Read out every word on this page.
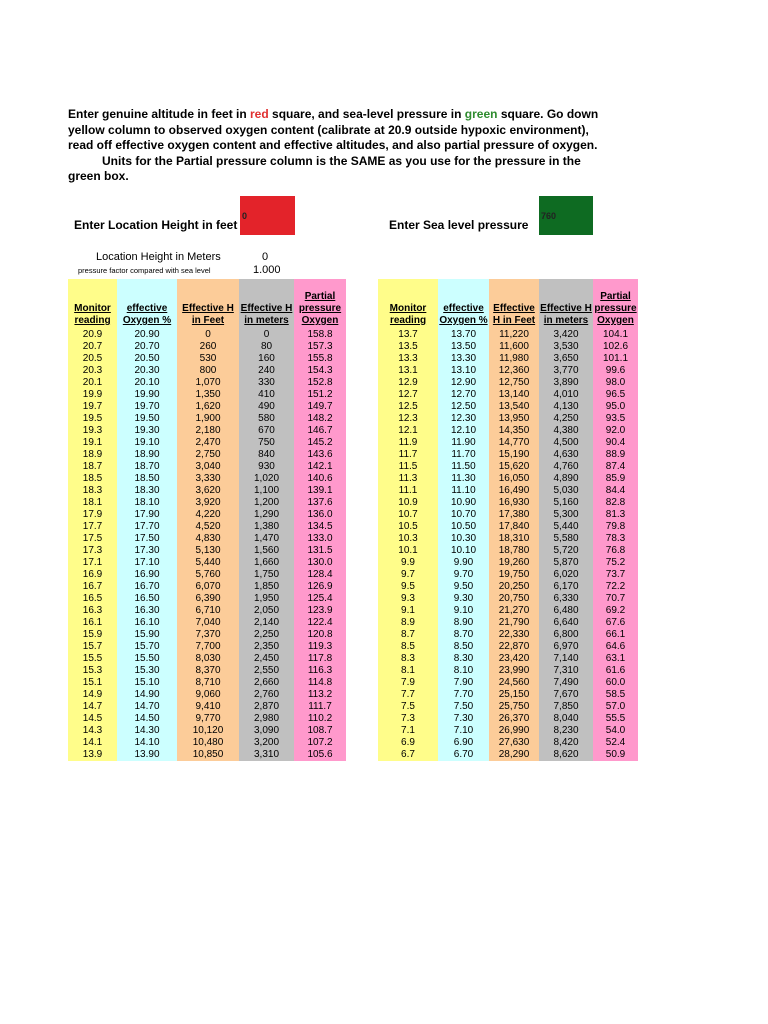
Enter genuine altitude in feet in red square, and sea-level pressure in green square. Go down
yellow column to observed oxygen content (calibrate at 20.9 outside hypoxic environment),
read off effective oxygen content and effective altitudes, and also partial pressure of oxygen.
Units for the Partial pressure column is the SAME as you use for the pressure in the
green box.
Enter Location Height in feet
0
Enter Sea level pressure
760
Location Height in Meters	0
pressure factor compared with sea level	1.000
Monitor reading	effective Oxygen %	Effective H in Feet	Effective H in meters	Partial pressure Oxygen
20.9	20.90	0	0	158.8
20.7	20.70	260	80	157.3
20.5	20.50	530	160	155.8
20.3	20.30	800	240	154.3
20.1	20.10	1,070	330	152.8
19.9	19.90	1,350	410	151.2
19.7	19.70	1,620	490	149.7
19.5	19.50	1,900	580	148.2
19.3	19.30	2,180	670	146.7
19.1	19.10	2,470	750	145.2
18.9	18.90	2,750	840	143.6
18.7	18.70	3,040	930	142.1
18.5	18.50	3,330	1,020	140.6
18.3	18.30	3,620	1,100	139.1
18.1	18.10	3,920	1,200	137.6
17.9	17.90	4,220	1,290	136.0
17.7	17.70	4,520	1,380	134.5
17.5	17.50	4,830	1,470	133.0
17.3	17.30	5,130	1,560	131.5
17.1	17.10	5,440	1,660	130.0
16.9	16.90	5,760	1,750	128.4
16.7	16.70	6,070	1,850	126.9
16.5	16.50	6,390	1,950	125.4
16.3	16.30	6,710	2,050	123.9
16.1	16.10	7,040	2,140	122.4
15.9	15.90	7,370	2,250	120.8
15.7	15.70	7,700	2,350	119.3
15.5	15.50	8,030	2,450	117.8
15.3	15.30	8,370	2,550	116.3
15.1	15.10	8,710	2,660	114.8
14.9	14.90	9,060	2,760	113.2
14.7	14.70	9,410	2,870	111.7
14.5	14.50	9,770	2,980	110.2
14.3	14.30	10,120	3,090	108.7
14.1	14.10	10,480	3,200	107.2
13.9	13.90	10,850	3,310	105.6
Monitor reading	effective Oxygen %	Effective H in Feet	Effective H in meters	Partial pressure Oxygen
13.7	13.70	11,220	3,420	104.1
13.5	13.50	11,600	3,530	102.6
13.3	13.30	11,980	3,650	101.1
13.1	13.10	12,360	3,770	99.6
12.9	12.90	12,750	3,890	98.0
12.7	12.70	13,140	4,010	96.5
12.5	12.50	13,540	4,130	95.0
12.3	12.30	13,950	4,250	93.5
12.1	12.10	14,350	4,380	92.0
11.9	11.90	14,770	4,500	90.4
11.7	11.70	15,190	4,630	88.9
11.5	11.50	15,620	4,760	87.4
11.3	11.30	16,050	4,890	85.9
11.1	11.10	16,490	5,030	84.4
10.9	10.90	16,930	5,160	82.8
10.7	10.70	17,380	5,300	81.3
10.5	10.50	17,840	5,440	79.8
10.3	10.30	18,310	5,580	78.3
10.1	10.10	18,780	5,720	76.8
9.9	9.90	19,260	5,870	75.2
9.7	9.70	19,750	6,020	73.7
9.5	9.50	20,250	6,170	72.2
9.3	9.30	20,750	6,330	70.7
9.1	9.10	21,270	6,480	69.2
8.9	8.90	21,790	6,640	67.6
8.7	8.70	22,330	6,800	66.1
8.5	8.50	22,870	6,970	64.6
8.3	8.30	23,420	7,140	63.1
8.1	8.10	23,990	7,310	61.6
7.9	7.90	24,560	7,490	60.0
7.7	7.70	25,150	7,670	58.5
7.5	7.50	25,750	7,850	57.0
7.3	7.30	26,370	8,040	55.5
7.1	7.10	26,990	8,230	54.0
6.9	6.90	27,630	8,420	52.4
6.7	6.70	28,290	8,620	50.9
